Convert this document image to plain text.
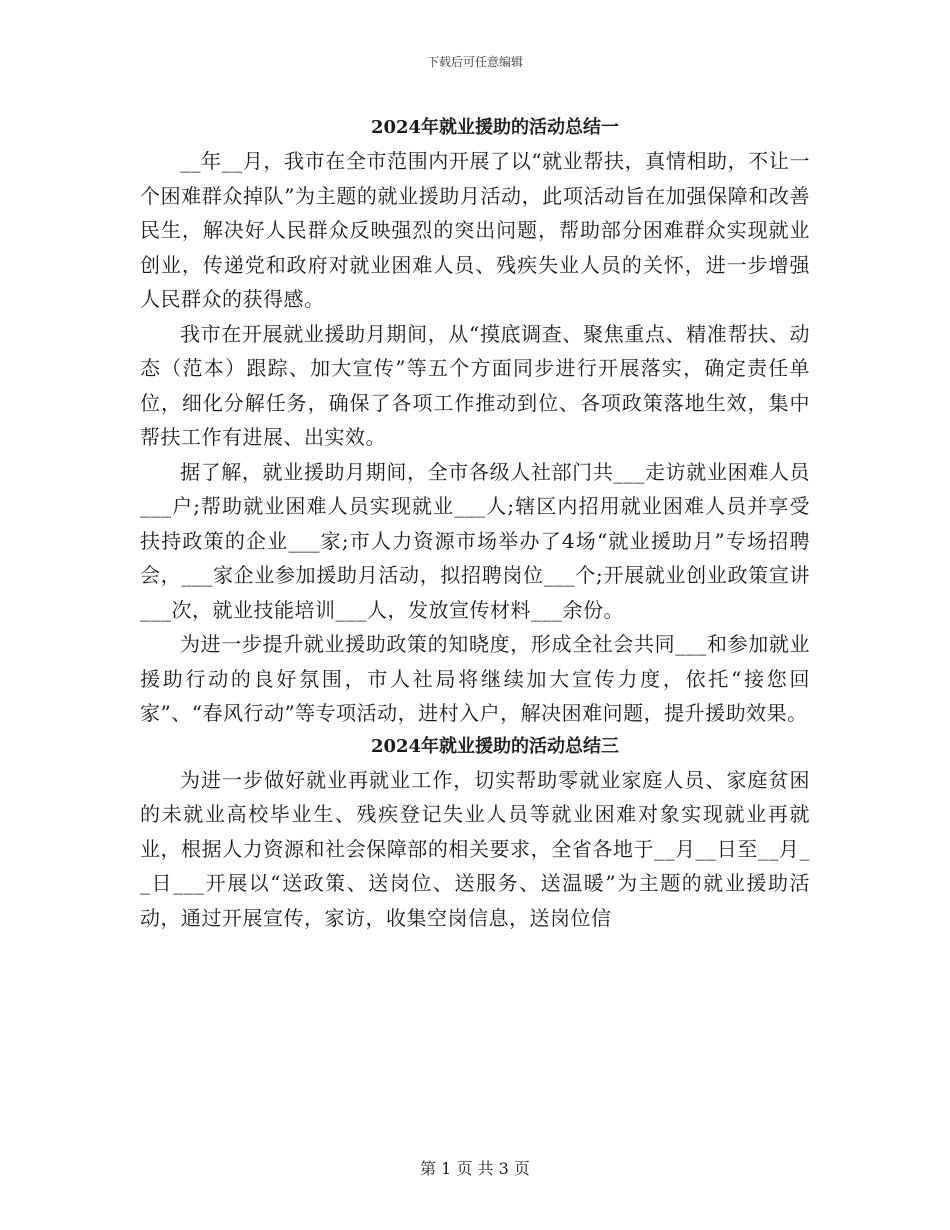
下载后可任意编辑
2024年就业援助的活动总结一

__年__月，我市在全市范围内开展了以“就业帮扶，真情相助，不让一个困难群众掉队”为主题的就业援助月活动，此项活动旨在加强保障和改善民生，解决好人民群众反映强烈的突出问题，帮助部分困难群众实现就业创业，传递党和政府对就业困难人员、残疾失业人员的关怀，进一步增强人民群众的获得感。

我市在开展就业援助月期间，从“摸底调查、聚焦重点、精准帮扶、动态（范本）跟踪、加大宣传”等五个方面同步进行开展落实，确定责任单位，细化分解任务，确保了各项工作推动到位、各项政策落地生效，集中帮扶工作有进展、出实效。

据了解，就业援助月期间，全市各级人社部门共___走访就业困难人员___户;帮助就业困难人员实现就业___人;辖区内招用就业困难人员并享受扶持政策的企业___家;市人力资源市场举办了4场“就业援助月”专场招聘会，___家企业参加援助月活动，拟招聘岗位___个;开展就业创业政策宣讲___次，就业技能培训___人，发放宣传材料___余份。

为进一步提升就业援助政策的知晓度，形成全社会共同___和参加就业援助行动的良好氛围，市人社局将继续加大宣传力度，依托“接您回家”、“春风行动”等专项活动，进村入户，解决困难问题，提升援助效果。

2024年就业援助的活动总结三

为进一步做好就业再就业工作，切实帮助零就业家庭人员、家庭贫困的未就业高校毕业生、残疾登记失业人员等就业困难对象实现就业再就业，根据人力资源和社会保障部的相关要求，全省各地于__月__日至__月__日___开展以“送政策、送岗位、送服务、送温暖”为主题的就业援助活动，通过开展宣传，家访，收集空岗信息，送岗位信

第 1 页 共 3 页
